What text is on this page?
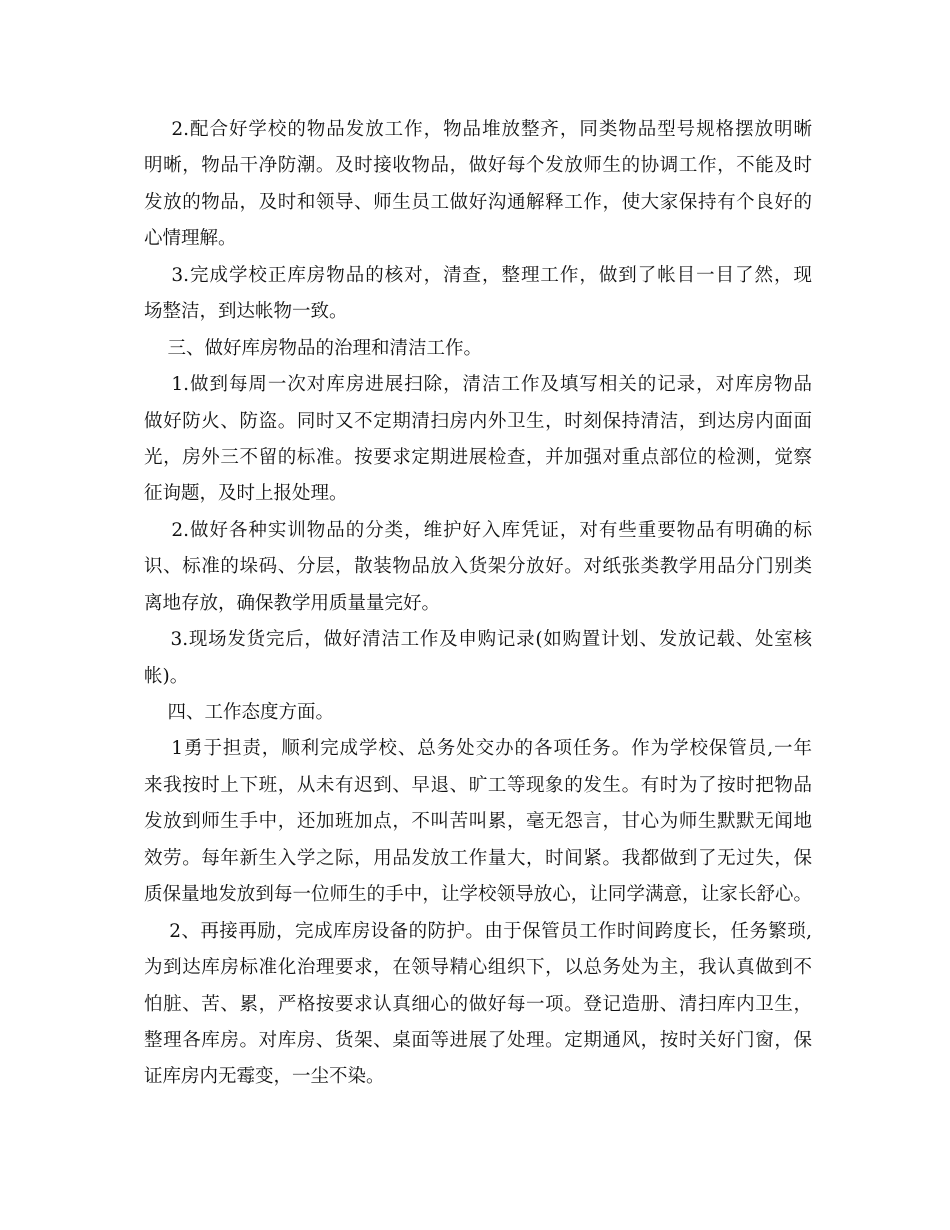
2.配合好学校的物品发放工作，物品堆放整齐，同类物品型号规格摆放明晰
明晰，物品干净防潮。及时接收物品，做好每个发放师生的协调工作，不能及时
发放的物品，及时和领导、师生员工做好沟通解释工作，使大家保持有个良好的
心情理解。
3.完成学校正库房物品的核对，清查，整理工作，做到了帐目一目了然，现
场整洁，到达帐物一致。
三、做好库房物品的治理和清洁工作。
1.做到每周一次对库房进展扫除，清洁工作及填写相关的记录，对库房物品
做好防火、防盗。同时又不定期清扫房内外卫生，时刻保持清洁，到达房内面面
光，房外三不留的标准。按要求定期进展检查，并加强对重点部位的检测，觉察
征询题，及时上报处理。
2.做好各种实训物品的分类，维护好入库凭证，对有些重要物品有明确的标
识、标准的垛码、分层，散装物品放入货架分放好。对纸张类教学用品分门别类
离地存放，确保教学用质量量完好。
3.现场发货完后，做好清洁工作及申购记录(如购置计划、发放记载、处室核
帐)。
四、工作态度方面。
1勇于担责，顺利完成学校、总务处交办的各项任务。作为学校保管员,一年
来我按时上下班，从未有迟到、早退、旷工等现象的发生。有时为了按时把物品
发放到师生手中，还加班加点，不叫苦叫累，毫无怨言，甘心为师生默默无闻地
效劳。每年新生入学之际，用品发放工作量大，时间紧。我都做到了无过失，保
质保量地发放到每一位师生的手中，让学校领导放心，让同学满意，让家长舒心。
2、再接再励，完成库房设备的防护。由于保管员工作时间跨度长，任务繁琐,
为到达库房标准化治理要求，在领导精心组织下，以总务处为主，我认真做到不
怕脏、苦、累，严格按要求认真细心的做好每一项。登记造册、清扫库内卫生，
整理各库房。对库房、货架、桌面等进展了处理。定期通风，按时关好门窗，保
证库房内无霉变，一尘不染。
